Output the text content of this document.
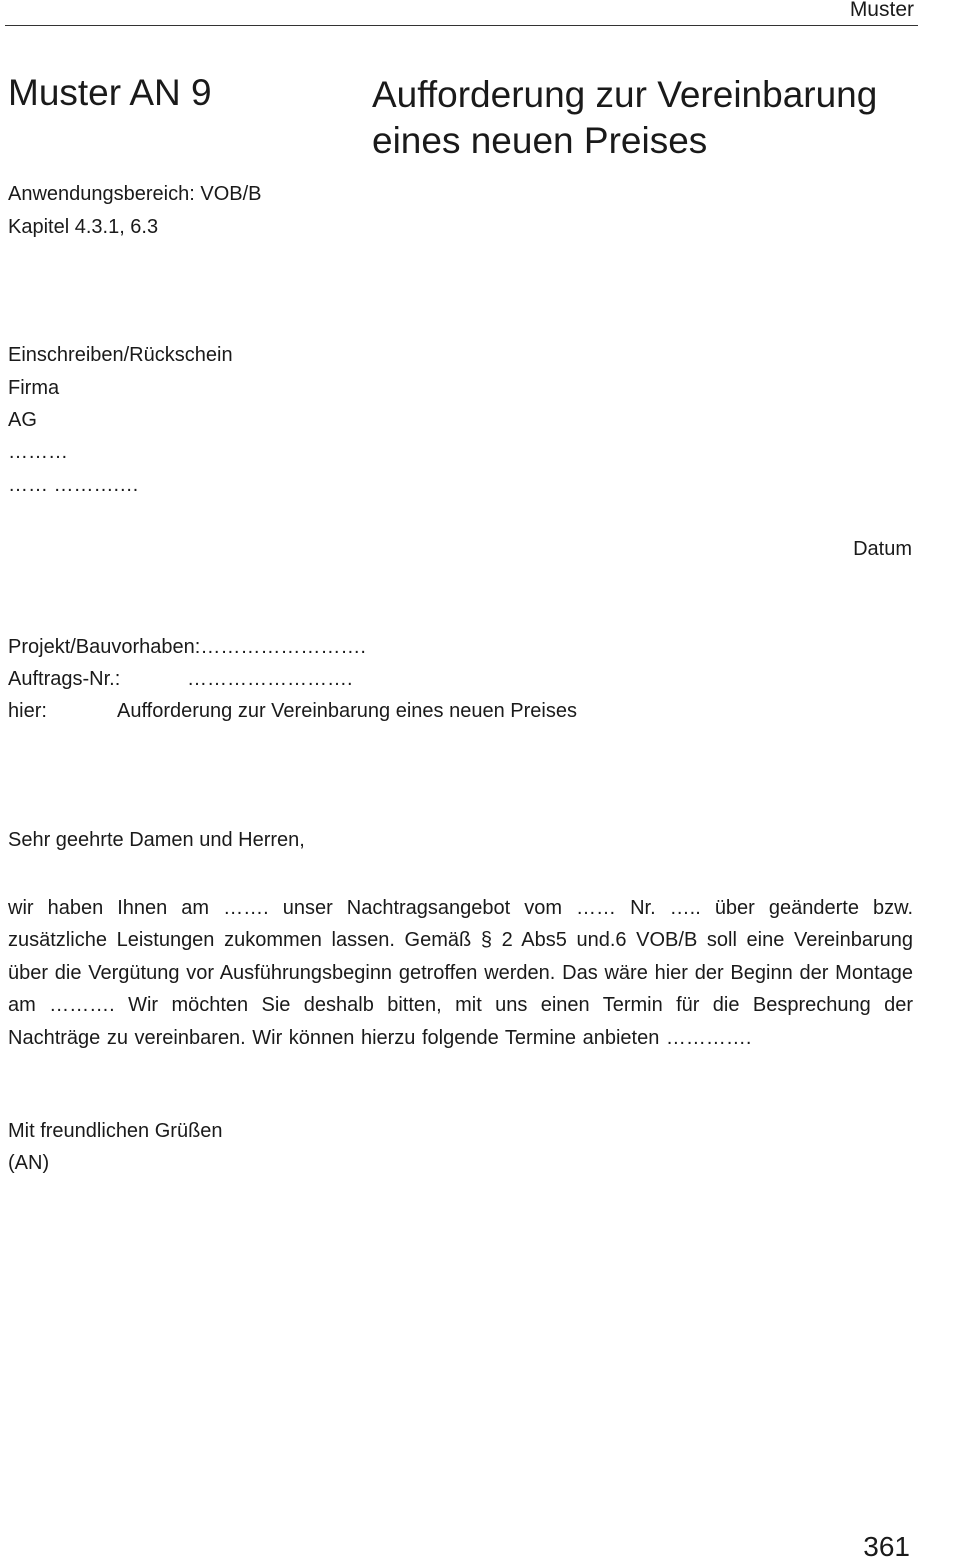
Muster
Muster AN 9	Aufforderung zur Vereinbarung
eines neuen Preises
Anwendungsbereich: VOB/B
Kapitel 4.3.1, 6.3
Einschreiben/Rückschein
Firma
AG
………
…… ……….…
Datum
Projekt/Bauvorhaben:…………………….
Auftrags-Nr.:	…………………….
hier:	Aufforderung zur Vereinbarung eines neuen Preises
Sehr geehrte Damen und Herren,

wir haben Ihnen am ……. unser Nachtragsangebot vom …… Nr. ….. über geänderte bzw. zusätzliche Leistungen zukommen lassen. Gemäß § 2 Abs5 und.6 VOB/B soll eine Vereinbarung über die Vergütung vor Ausführungsbeginn getroffen werden. Das wäre hier der Beginn der Montage am ………. Wir möchten Sie deshalb bitten, mit uns einen Termin für die Besprechung der Nachträge zu vereinbaren. Wir können hierzu folgende Termine anbieten ………….

Mit freundlichen Grüßen
(AN)
361
